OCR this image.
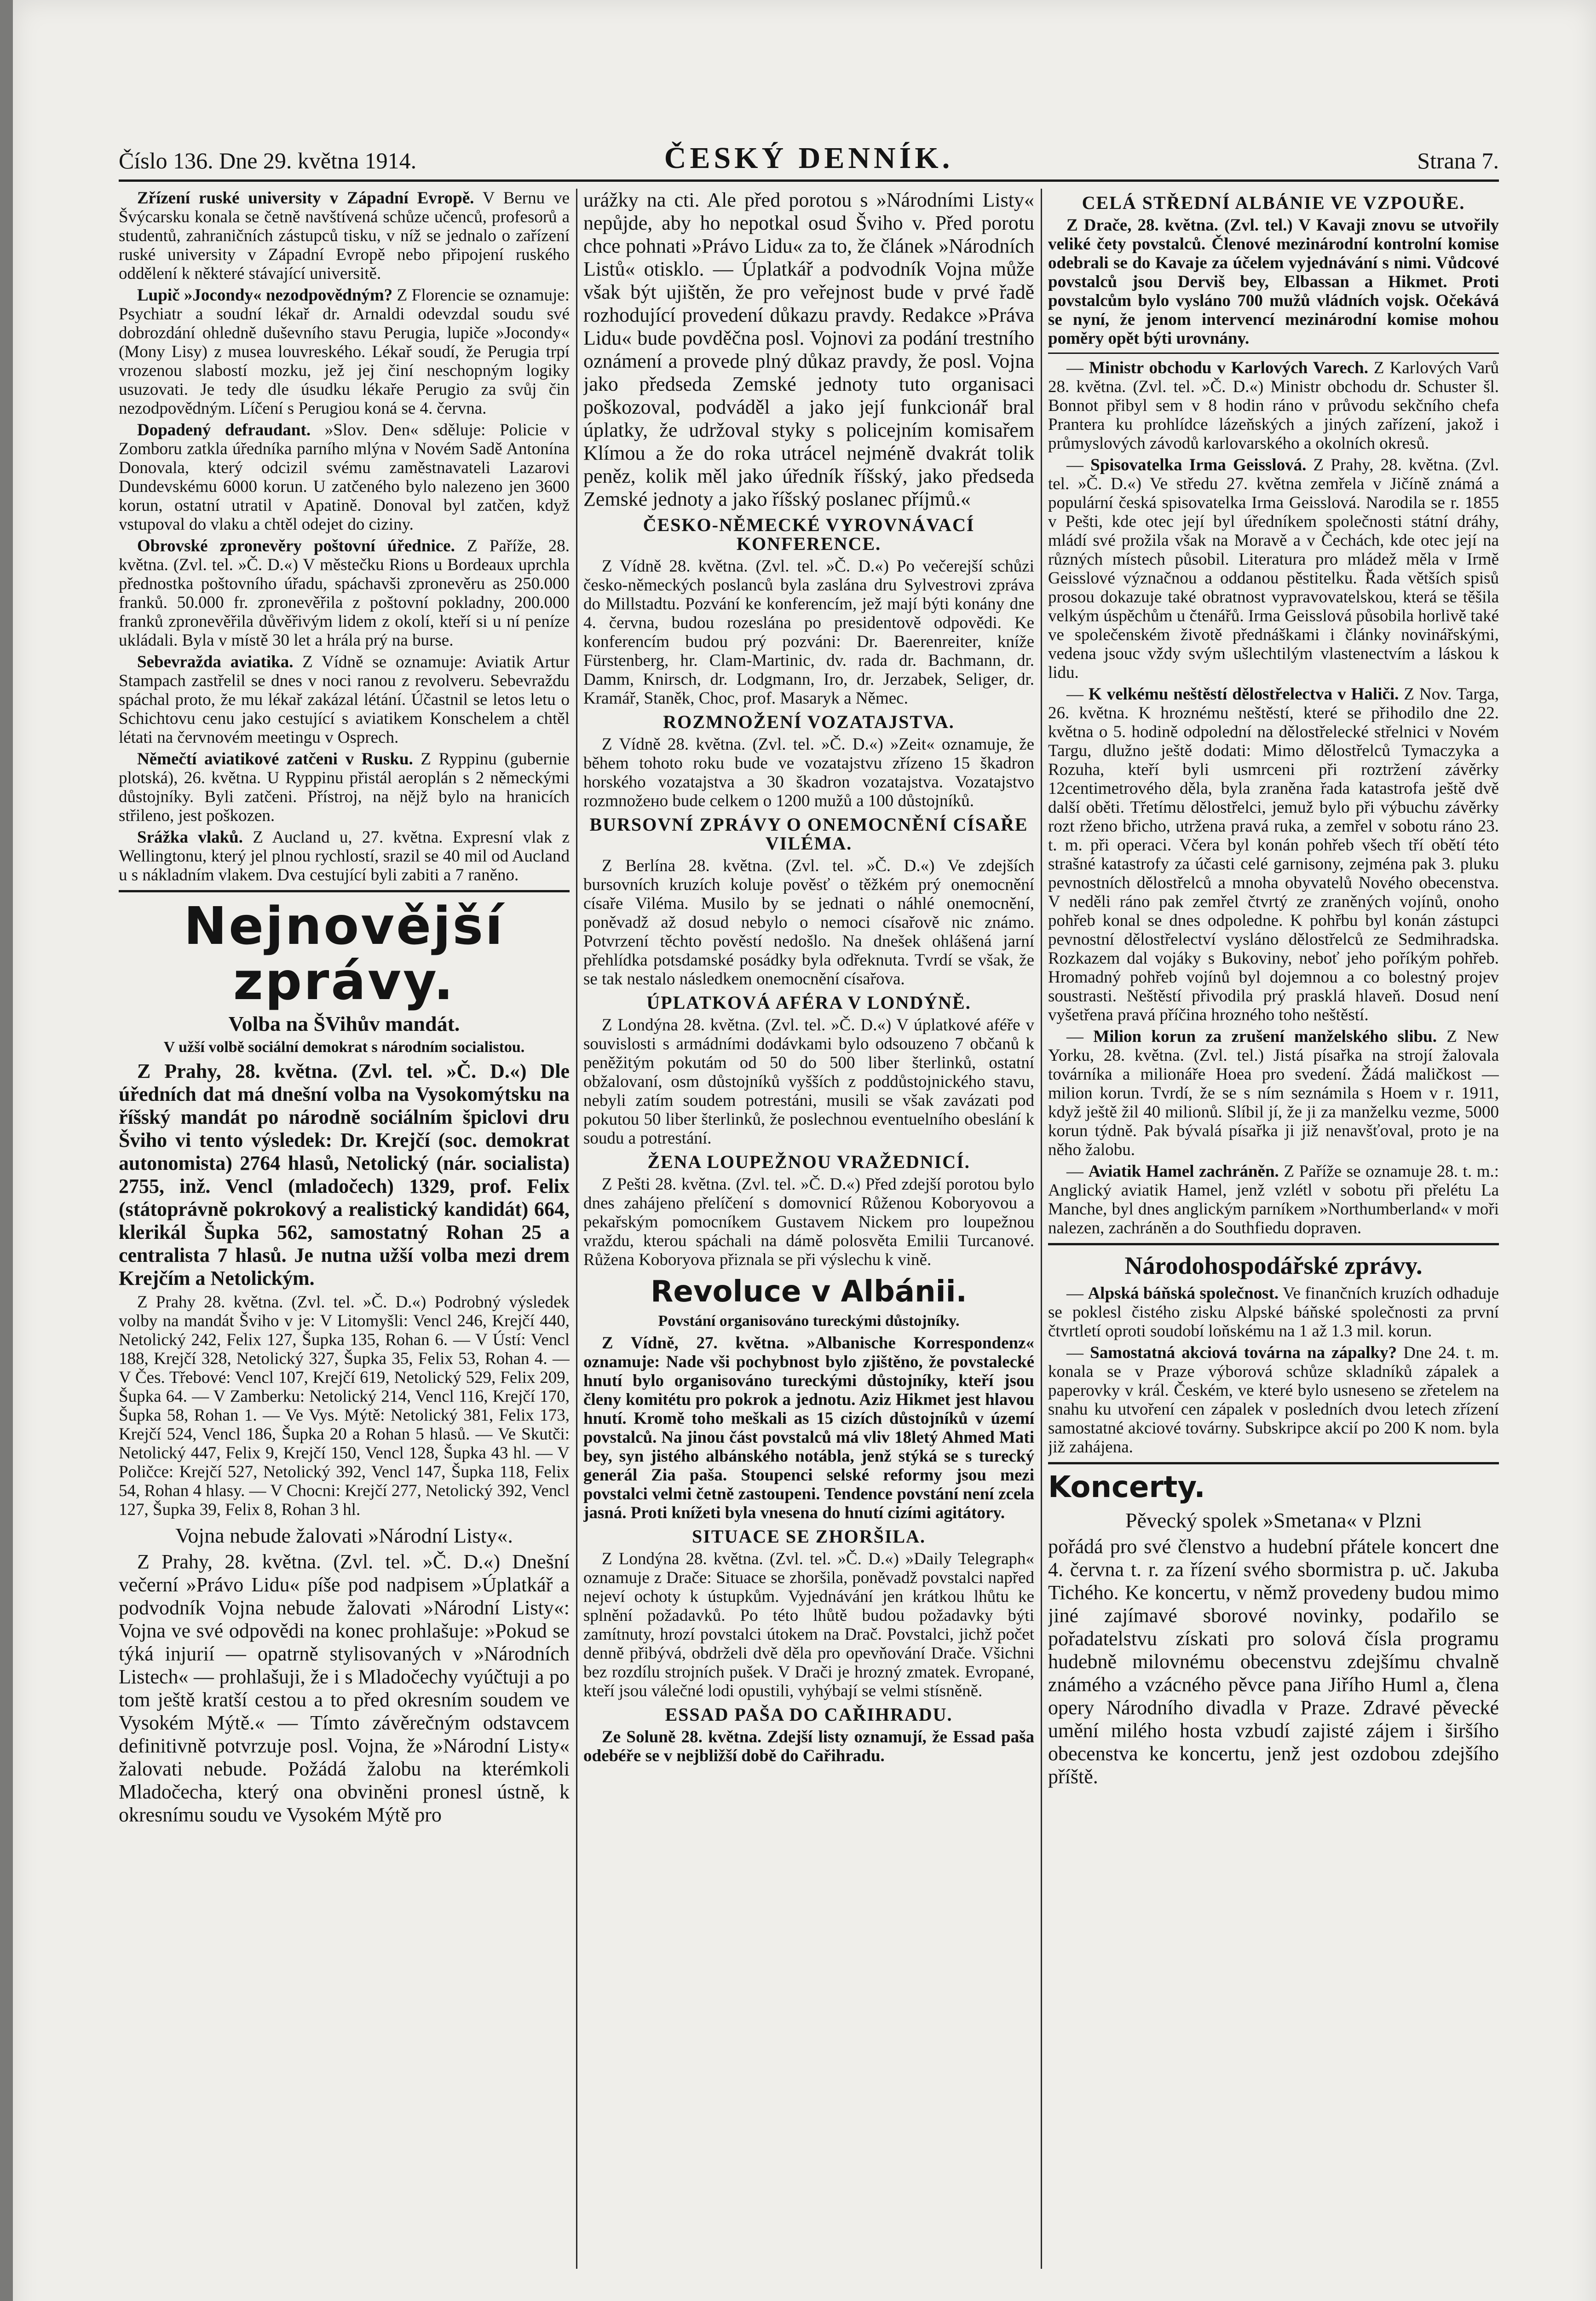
Číslo 136. Dne 29. května 1914.	ČESKÝ DENNÍK.	Strana 7.

Zřízení ruské university v Západní Evropě. V Bernu ve Švýcarsku konala se četně navštívená schůze učenců, profesorů a studentů, zahraničních zástupců tisku, v níž se jednalo o zařízení ruské university v Západní Evropě nebo připojení ruského oddělení k některé stávající universitě.

Lupič »Jocondy« nezodpovědným? Z Florencie se oznamuje: Psychiatr a soudní lékař dr. Arnaldi odevzdal soudu své dobrozdání ohledně duševního stavu Perugia, lupiče »Jocondy« (Mony Lisy) z musea louvreského. Lékař soudí, že Perugia trpí vrozenou slabostí mozku, jež jej činí neschopným logiky usuzovati. Je tedy dle úsudku lékaře Perugio za svůj čin nezodpovědným. Líčení s Perugiou koná se 4. června.

Dopadený defraudant. »Slov. Den« sděluje: Policie v Zomboru zatkla úředníka parního mlýna v Novém Sadě Antonína Donovala, který odcizil svému zaměstnavateli Lazarovi Dundevskému 6000 korun. U zatčeného bylo nalezeno jen 3600 korun, ostatní utratil v Apatině. Donoval byl zatčen, když vstupoval do vlaku a chtěl odejet do ciziny.

Obrovské zpronevěry poštovní úřednice. Z Paříže, 28. května. (Zvl. tel. »Č. D.«) V městečku Rions u Bordeaux uprchla přednostka poštovního úřadu, spáchavši zpronevěru as 250.000 franků. 50.000 fr. zpronevěřila z poštovní pokladny, 200.000 franků zpronevěřila důvěřivým lidem z okolí, kteří si u ní peníze ukládali. Byla v místě 30 let a hrála prý na burse.

Sebevražda aviatika. Z Vídně se oznamuje: Aviatik Artur Stampach zastřelil se dnes v noci ranou z revolveru. Sebevraždu spáchal proto, že mu lékař zakázal létání. Účastnil se letos letu o Schichtovu cenu jako cestující s aviatikem Konschelem a chtěl létati na červnovém meetingu v Osprech.

Němečtí aviatikové zatčeni v Rusku. Z Ryppinu (gubernie plotská), 26. května. U Ryppinu přistál aeroplán s 2 německými důstojníky. Byli zatčeni. Přístroj, na nějž bylo na hranicích střileno, jest poškozen.

Srážka vlaků. Z Aucland u, 27. května. Expresní vlak z Wellingtonu, který jel plnou rychlostí, srazil se 40 mil od Aucland u s nákladním vlakem. Dva cestující byli zabiti a 7 raněno.

Nejnovější zprávy.
Volba na ŠVihův mandát.
V užší volbě sociální demokrat s národním socialistou.

Z Prahy, 28. května. (Zvl. tel. »Č. D.«) Dle úředních dat má dnešní volba na Vysokomýtsku na říšský mandát po národně sociálním špiclovi dru Šviho vi tento výsledek: Dr. Krejčí (soc. demokrat autonomista) 2764 hlasů, Netolický (nár. socialista) 2755, inž. Vencl (mladočech) 1329, prof. Felix (státoprávně pokrokový a realistický kandidát) 664, klerikál Šupka 562, samostatný Rohan 25 a centralista 7 hlasů. Je nutna užší volba mezi drem Krejčím a Netolickým.

Z Prahy 28. května. (Zvl. tel. »Č. D.«) Podrobný výsledek volby na mandát Šviho v je: V Litomyšli: Vencl 246, Krejčí 440, Netolický 242, Felix 127, Šupka 135, Rohan 6. — V Ústí: Vencl 188, Krejčí 328, Netolický 327, Šupka 35, Felix 53, Rohan 4. — V Čes. Třebové: Vencl 107, Krejčí 619, Netolický 529, Felix 209, Šupka 64. — V Zamberku: Netolický 214, Vencl 116, Krejčí 170, Šupka 58, Rohan 1. — Ve Vys. Mýtě: Netolický 381, Felix 173, Krejčí 524, Vencl 186, Šupka 20 a Rohan 5 hlasů. — Ve Skutči: Netolický 447, Felix 9, Krejčí 150, Vencl 128, Šupka 43 hl. — V Poličce: Krejčí 527, Netolický 392, Vencl 147, Šupka 118, Felix 54, Rohan 4 hlasy. — V Chocni: Krejčí 277, Netolický 392, Vencl 127, Šupka 39, Felix 8, Rohan 3 hl.

Vojna nebude žalovati »Národní Listy«.

Z Prahy, 28. května. (Zvl. tel. »Č. D.«) Dnešní večerní »Právo Lidu« píše pod nadpisem »Úplatkář a podvodník Vojna nebude žalovati »Národní Listy«: Vojna ve své odpovědi na konec prohlašuje: »Pokud se týká injurií — opatrně stylisovaných v »Národních Listech« — prohlašuji, že i s Mladočechy vyúčtuji a po tom ještě kratší cestou a to před okresním soudem ve Vysokém Mýtě.« — Tímto závěrečným odstavcem definitivně potvrzuje posl. Vojna, že »Národní Listy« žalovati nebude. Požádá žalobu na kterémkoli Mladočecha, který ona obviněni pronesl ústně, k okresnímu soudu ve Vysokém Mýtě pro

urážky na cti. Ale před porotou s »Národními Listy« nepůjde, aby ho nepotkal osud Šviho v. Před porotu chce pohnati »Právo Lidu« za to, že článek »Národních Listů« otisklo. — Úplatkář a podvodník Vojna může však být ujištěn, že pro veřejnost bude v prvé řadě rozhodující provedení důkazu pravdy. Redakce »Práva Lidu« bude povděčna posl. Vojnovi za podání trestního oznámení a provede plný důkaz pravdy, že posl. Vojna jako předseda Zemské jednoty tuto organisaci poškozoval, podváděl a jako její funkcionář bral úplatky, že udržoval styky s policejním komisařem Klímou a že do roka utrácel nejméně dvakrát tolik peněz, kolik měl jako úředník říšský, jako předseda Zemské jednoty a jako říšský poslanec příjmů.«

ČESKO-NĚMECKÉ VYROVNÁVACÍ KONFERENCE.

Z Vídně 28. května. (Zvl. tel. »Č. D.«) Po večerejší schůzi česko-německých poslanců byla zaslána dru Sylvestrovi zpráva do Millstadtu. Pozvání ke konferencím, jež mají býti konány dne 4. června, budou rozeslána po presidentově odpovědi. Ke konferencím budou prý pozváni: Dr. Baerenreiter, kníže Fürstenberg, hr. Clam-Martinic, dv. rada dr. Bachmann, dr. Damm, Knirsch, dr. Lodgmann, Iro, dr. Jerzabek, Seliger, dr. Kramář, Staněk, Choc, prof. Masaryk a Němec.

ROZMNOŽENÍ VOZATAJSTVA.

Z Vídně 28. května. (Zvl. tel. »Č. D.«) »Zeit« oznamuje, že během tohoto roku bude ve vozatajstvu zřízeno 15 škadron horského vozatajstva a 30 škadron vozatajstva. Vozatajstvo rozmnožено bude celkem o 1200 mužů a 100 důstojníků.

BURSOVNÍ ZPRÁVY O ONEMOCNĚNÍ CÍSAŘE VILÉMA.

Z Berlína 28. května. (Zvl. tel. »Č. D.«) Ve zdejších bursovních kruzích koluje pověsť o těžkém prý onemocnění císaře Viléma. Musilo by se jednati o náhlé onemocnění, poněvadž až dosud nebylo o nemoci císařově nic známo. Potvrzení těchto pověstí nedošlo. Na dnešek ohlášená jarní přehlídka potsdamské posádky byla odřeknuta. Tvrdí se však, že se tak nestalo následkem onemocnění císařova.

ÚPLATKOVÁ AFÉRA V LONDÝNĚ.

Z Londýna 28. května. (Zvl. tel. »Č. D.«) V úplatkové aféře v souvislosti s armádními dodávkami bylo odsouzeno 7 občanů k peněžitým pokutám od 50 do 500 liber šterlinků, ostatní obžalovaní, osm důstojníků vyšších z poddůstojnického stavu, nebyli zatím soudem potrestáni, musili se však zavázati pod pokutou 50 liber šterlinků, že poslechnou eventuelního obeslání k soudu a potrestání.

ŽENA LOUPEŽNOU VRAŽEDNICÍ.

Z Pešti 28. května. (Zvl. tel. »Č. D.«) Před zdejší porotou bylo dnes zahájeno přelíčení s domovnicí Růženou Koboryovou a pekařským pomocníkem Gustavem Nickem pro loupežnou vraždu, kterou spáchali na dámě polosvěta Emilii Turcanové. Růžena Koboryova přiznala se při výslechu k vině.

Revoluce v Albánii.
Povstání organisováno tureckými důstojníky.

Z Vídně, 27. května. »Albanische Korrespondenz« oznamuje: Nade vši pochybnost bylo zjištěno, že povstalecké hnutí bylo organisováno tureckými důstojníky, kteří jsou členy komitétu pro pokrok a jednotu. Aziz Hikmet jest hlavou hnutí. Kromě toho meškali as 15 cizích důstojníků v území povstalců. Na jinou část povstalců má vliv 18letý Ahmed Mati bey, syn jistého albánského notábla, jenž stýká se s turecký generál Zia paša. Stoupenci selské reformy jsou mezi povstalci velmi četně zastoupeni. Tendence povstání není zcela jasná. Proti knížeti byla vnesena do hnutí cizími agitátory.

SITUACE SE ZHORŠILA.

Z Londýna 28. května. (Zvl. tel. »Č. D.«) »Daily Telegraph« oznamuje z Drače: Situace se zhoršila, poněvadž povstalci napřed nejeví ochoty k ústupkům. Vyjednávání jen krátkou lhůtu ke splnění požadavků. Po této lhůtě budou požadavky býti zamítnuty, hrozí povstalci útokem na Drač. Povstalci, jichž počet denně přibývá, obdrželi dvě děla pro opevňování Drače. Všichni bez rozdílu strojních pušek. V Drači je hrozný zmatek. Evropané, kteří jsou válečné lodi opustili, vyhýbají se velmi stísněně.

ESSAD PAŠA DO CAŘIHRADU.

Ze Soluně 28. května. Zdejší listy oznamují, že Essad paša odebéře se v nejbližší době do Cařihradu.

CELÁ STŘEDNÍ ALBÁNIE VE VZPOUŘE.

Z Drače, 28. května. (Zvl. tel.) V Kavaji znovu se utvořily veliké čety povstalců. Členové mezinárodní kontrolní komise odebrali se do Kavaje za účelem vyjednávání s nimi. Vůdcové povstalců jsou Derviš bey, Elbassan a Hikmet. Proti povstalcům bylo vysláno 700 mužů vládních vojsk. Očekává se nyní, že jenom intervencí mezinárodní komise mohou poměry opět býti urovnány.

— Ministr obchodu v Karlových Varech. Z Karlových Varů 28. května. (Zvl. tel. »Č. D.«) Ministr obchodu dr. Schuster šl. Bonnot přibyl sem v 8 hodin ráno v průvodu sekčního chefa Prantera ku prohlídce lázeňských a jiných zařízení, jakož i průmyslových závodů karlovarského a okolních okresů.

— Spisovatelka Irma Geisslová. Z Prahy, 28. května. (Zvl. tel. »Č. D.«) Ve středu 27. května zemřela v Jičíně známá a populární česká spisovatelka Irma Geisslová. Narodila se r. 1855 v Pešti, kde otec její byl úředníkem společnosti státní dráhy, mládí své prožila však na Moravě a v Čechách, kde otec její na různých místech působil. Literatura pro mládež měla v Irmě Geisslové význačnou a oddanou pěstitelku. Řada větších spisů prosou dokazuje také obratnost vypravovatelskou, která se těšila velkým úspěchům u čtenářů. Irma Geisslová působila horlivě také ve společenském životě přednáškami i články novinářskými, vedena jsouc vždy svým ušlechtilým vlastenectvím a láskou k lidu.

— K velkému neštěstí dělostřelectva v Haliči. Z Nov. Targa, 26. května. K hroznému neštěstí, které se přihodilo dne 22. května o 5. hodině odpolední na dělostřelecké střelnici v Novém Targu, dlužno ještě dodati: Mimo dělostřelců Tymaczyka a Rozuha, kteří byli usmrceni při roztržení závěrky 12centimetrového děla, byla zraněna řada katastrofa ještě dvě další oběti. Třetímu dělostřelci, jemuž bylo při výbuchu závěrky rozt rženo břicho, utržena pravá ruka, a zemřel v sobotu ráno 23. t. m. při operaci. Včera byl konán pohřeb všech tří obětí této strašné katastrofy za účasti celé garnisony, zejména pak 3. pluku pevnostních dělostřelců a mnoha obyvatelů Nového obecenstva. V neděli ráno pak zemřel čtvrtý ze zraněných vojínů, onoho pohřeb konal se dnes odpoledne. K pohřbu byl konán zástupci pevnostní dělostřelectví vysláno dělostřelců ze Sedmihradska. Rozkazem dal vojáky s Bukoviny, neboť jeho poříkým pohřeb. Hromadný pohřeb vojínů byl dojemnou a co bolestný projev soustrasti. Neštěstí přivodila prý prasklá hlaveň. Dosud není vyšetřena pravá příčina hrozného toho neštěstí.

— Milion korun za zrušení manželského slibu. Z New Yorku, 28. května. (Zvl. tel.) Jistá písařka na strojí žalovala továrníka a milionáře Hoea pro svedení. Žádá maličkost — milion korun. Tvrdí, že se s ním seznámila s Hoem v r. 1911, když ještě žil 40 milionů. Slíbil jí, že ji za manželku vezme, 5000 korun týdně. Pak bývalá písařka ji již nenavšťoval, proto je na něho žalobu.

— Aviatik Hamel zachráněn. Z Paříže se oznamuje 28. t. m.: Anglický aviatik Hamel, jenž vzlétl v sobotu při přelétu La Manche, byl dnes anglickým parníkem »Northumberland« v moři nalezen, zachráněn a do Southfiedu dopraven.

Národohospodářské zprávy.

— Alpská báňská společnost. Ve finančních kruzích odhaduje se poklesl čistého zisku Alpské báňské společnosti za první čtvrtletí oproti soudobí loňskému na 1 až 1.3 mil. korun.

— Samostatná akciová továrna na zápalky? Dne 24. t. m. konala se v Praze výborová schůze skladníků zápalek a paperovky v král. Českém, ve které bylo usneseno se zřetelem na snahu ku utvoření cen zápalek v posledních dvou letech zřízení samostatné akciové továrny. Subskripce akcií po 200 K nom. byla již zahájena.

Koncerty.
Pěvecký spolek »Smetana« v Plzni

pořádá pro své členstvo a hudební přátele koncert dne 4. června t. r. za řízení svého sbormistra p. uč. Jakuba Tichého. Ke koncertu, v němž provedeny budou mimo jiné zajímavé sborové novinky, podařilo se pořadatelstvu získati pro solová čísla programu hudebně milovnému obecenstvu zdejšímu chvalně známého a vzácného pěvce pana Jiřího Huml a, člena opery Národního divadla v Praze. Zdravé pěvecké umění milého hosta vzbudí zajisté zájem i širšího obecenstva ke koncertu, jenž jest ozdobou zdejšího příště.
